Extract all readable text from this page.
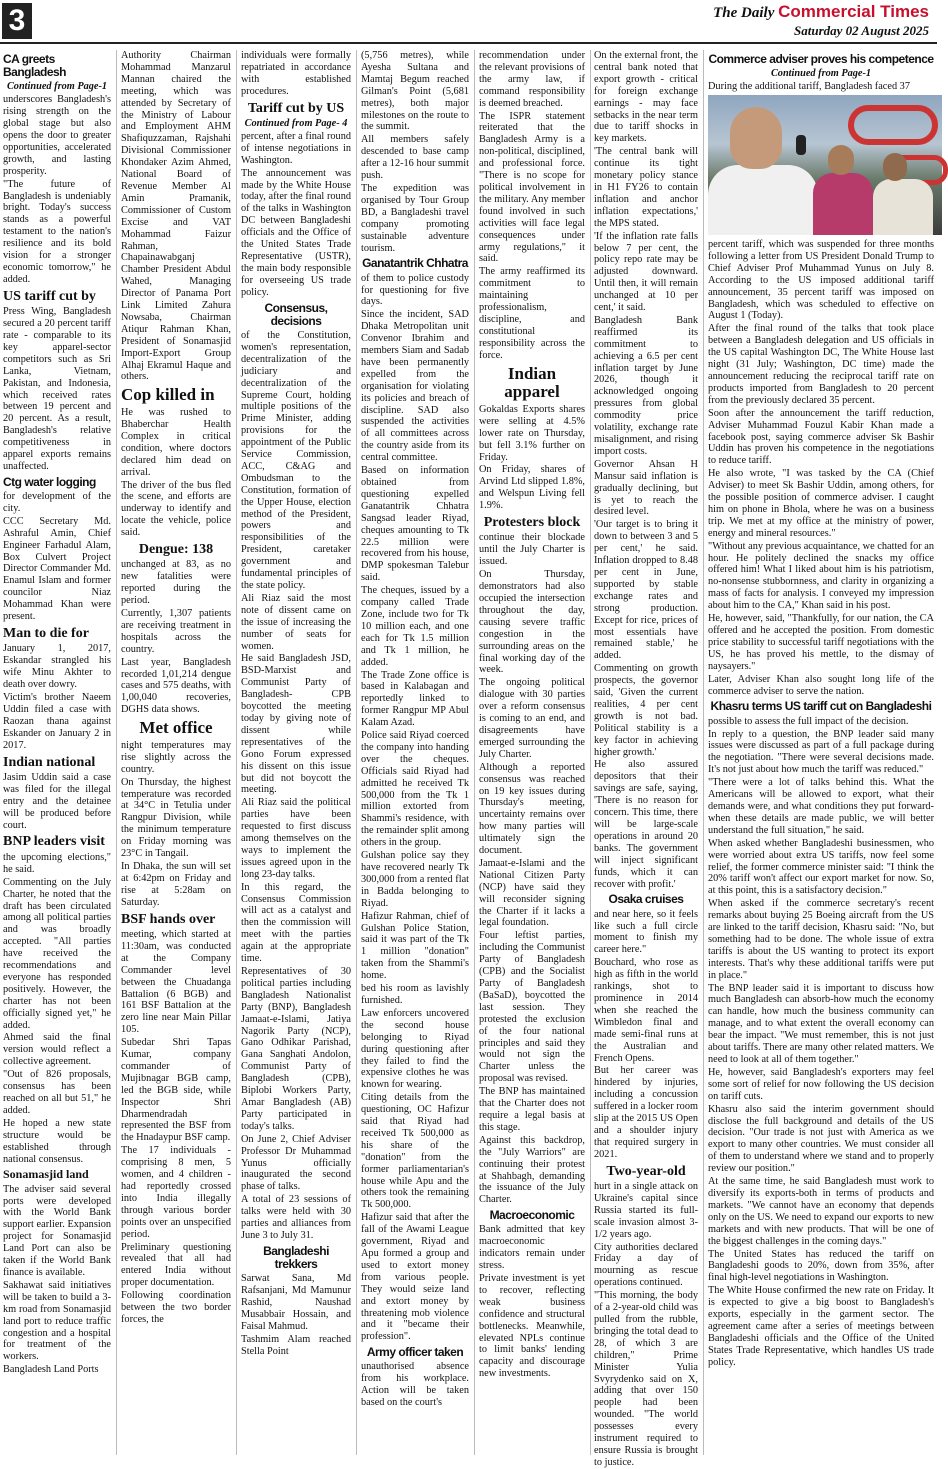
3	The Daily Commercial Times
Saturday 02 August 2025
CA greets Bangladesh
Continued from Page-1

underscores Bangladesh's rising strength on the global stage but also opens the door to greater opportunities, accelerated growth, and lasting prosperity.

"The future of Bangladesh is undeniably bright. Today's success stands as a powerful testament to the nation's resilience and its bold vision for a stronger economic tomorrow," he added.

US tariff cut by

Press Wing, Bangladesh secured a 20 percent tariff rate - comparable to its key apparel-sector competitors such as Sri Lanka, Vietnam, Pakistan, and Indonesia, which received rates between 19 percent and 20 percent. As a result, Bangladesh's relative competitiveness in apparel exports remains unaffected.

Ctg water logging

for development of the city.

CCC Secretary Md. Ashraful Amin, Chief Engineer Farhadul Alam, Box Culvert Project Director Commander Md. Enamul Islam and former councilor Niaz Mohammad Khan were present.

Man to die for

January 1, 2017, Eskandar strangled his wife Minu Akhter to death over dowry.

Victim's brother Naeem Uddin filed a case with Raozan thana against Eskander on January 2 in 2017.

Indian national

Jasim Uddin said a case was filed for the illegal entry and the detainee will be produced before court.

BNP leaders visit

the upcoming elections," he said.

Commenting on the July Charter, he noted that the draft has been circulated among all political parties and was broadly accepted. "All parties have received the recommendations and everyone has responded positively. However, the charter has not been officially signed yet," he added.

Ahmed said the final version would reflect a collective agreement.

"Out of 826 proposals, consensus has been reached on all but 51," he added.

He hoped a new state structure would be established through national consensus.

Sonamasjid land

The adviser said several ports were developed with the World Bank support earlier. Expansion project for Sonamasjid Land Port can also be taken if the World Bank finance is available.

Sakhawat said initiatives will be taken to build a 3-km road from Sonamasjid land port to reduce traffic congestion and a hospital for treatment of the workers.

Bangladesh Land Ports

Authority Chairman Mohammad Manzarul Mannan chaired the meeting, which was attended by Secretary of the Ministry of Labour and Employment AHM Shafiquzzaman, Rajshahi Divisional Commissioner Khondaker Azim Ahmed, National Board of Revenue Member Al Amin Pramanik, Commissioner of Custom Excise and VAT Mohammad Faizur Rahman, Chapainawabganj Chamber President Abdul Wahed, Managing Director of Panama Port Link Limited Zahura Nowsaba, Chairman Atiqur Rahman Khan, President of Sonamasjid Import-Export Group Alhaj Ekramul Haque and others.

Cop killed in

He was rushed to Bhaberchar Health Complex in critical condition, where doctors declared him dead on arrival.

The driver of the bus fled the scene, and efforts are underway to identify and locate the vehicle, police said.

Dengue: 138

unchanged at 83, as no new fatalities were reported during the period.

Currently, 1,307 patients are receiving treatment in hospitals across the country.

Last year, Bangladesh recorded 1,01,214 dengue cases and 575 deaths, with 1,00,040 recoveries, DGHS data shows.

Met office

night temperatures may rise slightly across the country.

On Thursday, the highest temperature was recorded at 34°C in Tetulia under Rangpur Division, while the minimum temperature on Friday morning was 23°C in Tangail.

In Dhaka, the sun will set at 6:42pm on Friday and rise at 5:28am on Saturday.

BSF hands over

meeting, which started at 11:30am, was conducted at the Company Commander level between the Chuadanga Battalion (6 BGB) and 161 BSF Battalion at the zero line near Main Pillar 105.

Subedar Shri Tapas Kumar, company commander of Mujibnagar BGB camp, led the BGB side, while Inspector Shri Dharmendradah represented the BSF from the Hnadaypur BSF camp.

The 17 individuals - comprising 8 men, 5 women, and 4 children - had reportedly crossed into India illegally through various border points over an unspecified period.

Preliminary questioning revealed that all had entered India without proper documentation.

Following coordination between the two border forces, the

individuals were formally repatriated in accordance with established procedures.

Tariff cut by US
Continued from Page- 4

percent, after a final round of intense negotiations in Washington.

The announcement was made by the White House today, after the final round of the talks in Washington DC between Bangladeshi officials and the Office of the United States Trade Representative (USTR), the main body responsible for overseeing US trade policy.

Consensus, decisions

of the Constitution, women's representation, decentralization of the judiciary and decentralization of the Supreme Court, holding multiple positions of the Prime Minister, adding provisions for the appointment of the Public Service Commission, ACC, C&AG and Ombudsman to the Constitution, formation of the Upper House, election method of the President, powers and responsibilities of the President, caretaker government and fundamental principles of the state policy.

Ali Riaz said the most note of dissent came on the issue of increasing the number of seats for women.

He said Bangladesh JSD, BSD-Marxist and Communist Party of Bangladesh- CPB boycotted the meeting today by giving note of dissent while representatives of the Gono Forum expressed his dissent on this issue but did not boycott the meeting.

Ali Riaz said the political parties have been requested to first discuss among themselves on the ways to implement the issues agreed upon in the long 23-day talks.

In this regard, the Consensus Commission will act as a catalyst and then the commission will meet with the parties again at the appropriate time.

Representatives of 30 political parties including Bangladesh Nationalist Party (BNP), Bangladesh Jamaat-e-Islami, Jatiya Nagorik Party (NCP), Gano Odhikar Parishad, Gana Sanghati Andolon, Communist Party of Bangladesh (CPB), Biplobi Workers Party, Amar Bangladesh (AB) Party participated in today's talks.

On June 2, Chief Adviser Professor Dr Muhammad Yunus officially inaugurated the second phase of talks.

A total of 23 sessions of talks were held with 30 parties and alliances from June 3 to July 31.

Bangladeshi trekkers

Sarwat Sana, Md Rafsanjani, Md Mamunur Rashid, Naushad Musabbair Hossain, and Faisal Mahmud.

Tashmim Alam reached Stella Point

(5,756 metres), while Ayesha Sultana and Mamtaj Begum reached Gilman's Point (5,681 metres), both major milestones on the route to the summit.

All members safely descended to base camp after a 12-16 hour summit push.

The expedition was organised by Tour Group BD, a Bangladeshi travel company promoting sustainable adventure tourism.

Ganatantrik Chhatra

of them to police custody for questioning for five days.

Since the incident, SAD Dhaka Metropolitan unit Convenor Ibrahim and members Siam and Sadab have been permanently expelled from the organisation for violating its policies and breach of discipline. SAD also suspended the activities of all committees across the country aside from its central committee.

Based on information obtained from questioning expelled Ganatantrik Chhatra Sangsad leader Riyad, cheques amounting to Tk 22.5 million were recovered from his house, DMP spokesman Talebur said.

The cheques, issued by a company called Trade Zone, include two for Tk 10 million each, and one each for Tk 1.5 million and Tk 1 million, he added.

The Trade Zone office is based in Kalabagan and reportedly linked to former Rangpur MP Abul Kalam Azad.

Police said Riyad coerced the company into handing over the cheques. Officials said Riyad had admitted he received Tk 500,000 from the Tk 1 million extorted from Shammi's residence, with the remainder split among others in the group.

Gulshan police say they have recovered nearly Tk 300,000 from a rented flat in Badda belonging to Riyad.

Hafizur Rahman, chief of Gulshan Police Station, said it was part of the Tk 1 million "donation" taken from the Shammi's home.

bed his room as lavishly furnished.

Law enforcers uncovered the second house belonging to Riyad during questioning after they failed to find the expensive clothes he was known for wearing.

Citing details from the questioning, OC Hafizur said that Riyad had received Tk 500,000 as his share of the "donation" from the former parliamentarian's house while Apu and the others took the remaining Tk 500,000.

Hafizur said that after the fall of the Awami League government, Riyad and Apu formed a group and used to extort money from various people. They would seize land and extort money by threatening mob violence and it "became their profession".

Army officer taken

unauthorised absence from his workplace. Action will be taken based on the court's

recommendation under the relevant provisions of the army law, if command responsibility is deemed breached.

The ISPR statement reiterated that the Bangladesh Army is a non-political, disciplined, and professional force. "There is no scope for political involvement in the military. Any member found involved in such activities will face legal consequences under army regulations," it said.

The army reaffirmed its commitment to maintaining professionalism, discipline, and constitutional responsibility across the force.

Indian apparel

Gokaldas Exports shares were selling at 4.5% lower rate on Thursday, but fell 3.1% further on Friday.

On Friday, shares of Arvind Ltd slipped 1.8%, and Welspun Living fell 1.9%.

Protesters block

continue their blockade until the July Charter is issued.

On Thursday, demonstrators had also occupied the intersection throughout the day, causing severe traffic congestion in the surrounding areas on the final working day of the week.

The ongoing political dialogue with 30 parties over a reform consensus is coming to an end, and disagreements have emerged surrounding the July Charter.

Although a reported consensus was reached on 19 key issues during Thursday's meeting, uncertainty remains over how many parties will ultimately sign the document.

Jamaat-e-Islami and the National Citizen Party (NCP) have said they will reconsider signing the Charter if it lacks a legal foundation.

Four leftist parties, including the Communist Party of Bangladesh (CPB) and the Socialist Party of Bangladesh (BaSaD), boycotted the last session. They protested the exclusion of the four national principles and said they would not sign the Charter unless the proposal was revised.

The BNP has maintained that the Charter does not require a legal basis at this stage.

Against this backdrop, the "July Warriors" are continuing their protest at Shahbagh, demanding the issuance of the July Charter.

Macroeconomic

Bank admitted that key macroeconomic indicators remain under stress.

Private investment is yet to recover, reflecting weak business confidence and structural bottlenecks. Meanwhile, elevated NPLs continue to limit banks' lending capacity and discourage new investments.

On the external front, the central bank noted that export growth - critical for foreign exchange earnings - may face setbacks in the near term due to tariff shocks in key markets.

'The central bank will continue its tight monetary policy stance in H1 FY26 to contain inflation and anchor inflation expectations,' the MPS stated.

'If the inflation rate falls below 7 per cent, the policy repo rate may be adjusted downward. Until then, it will remain unchanged at 10 per cent,' it said.

Bangladesh Bank reaffirmed its commitment to achieving a 6.5 per cent inflation target by June 2026, though it acknowledged ongoing pressures from global commodity price volatility, exchange rate misalignment, and rising import costs.

Governor Ahsan H Mansur said inflation is gradually declining, but is yet to reach the desired level.

'Our target is to bring it down to between 3 and 5 per cent,' he said. Inflation dropped to 8.48 per cent in June, supported by stable exchange rates and strong production. Except for rice, prices of most essentials have remained stable,' he added.

Commenting on growth prospects, the governor said, 'Given the current realities, 4 per cent growth is not bad. Political stability is a key factor in achieving higher growth.'

He also assured depositors that their savings are safe, saying, 'There is no reason for concern. This time, there will be large-scale operations in around 20 banks. The government will inject significant funds, which it can recover with profit.'

Osaka cruises

and near here, so it feels like such a full circle moment to finish my career here."

Bouchard, who rose as high as fifth in the world rankings, shot to prominence in 2014 when she reached the Wimbledon final and made semi-final runs at the Australian and French Opens.

But her career was hindered by injuries, including a concussion suffered in a locker room slip at the 2015 US Open and a shoulder injury that required surgery in 2021.

Two-year-old

hurt in a single attack on Ukraine's capital since Russia started its full-scale invasion almost 3-1/2 years ago.

City authorities declared Friday a day of mourning as rescue operations continued.

"This morning, the body of a 2-year-old child was pulled from the rubble, bringing the total dead to 28, of which 3 are children," Prime Minister Yulia Svyrydenko said on X, adding that over 150 people had been wounded. "The world possesses every instrument required to ensure Russia is brought to justice.

Commerce adviser proves his competence
Continued from Page-1

During the additional tariff, Bangladesh faced 37

percent tariff, which was suspended for three months following a letter from US President Donald Trump to Chief Adviser Prof Muhammad Yunus on July 8. According to the US imposed additional tariff announcement, 35 percent tariff was imposed on Bangladesh, which was scheduled to effective on August 1 (Today).

After the final round of the talks that took place between a Bangladesh delegation and US officials in the US capital Washington DC, The White House last night (31 July; Washington, DC time) made the announcement reducing the reciprocal tariff rate on products imported from Bangladesh to 20 percent from the previously declared 35 percent.

Soon after the announcement the tariff reduction, Adviser Muhammad Fouzul Kabir Khan made a facebook post, saying commerce adviser Sk Bashir Uddin has proven his competence in the negotiations to reduce tariff.

He also wrote, "I was tasked by the CA (Chief Adviser) to meet Sk Bashir Uddin, among others, for the possible position of commerce adviser. I caught him on phone in Bhola, where he was on a business trip. We met at my office at the ministry of power, energy and mineral resources."

"Without any previous acquaintance, we chatted for an hour. He politely declined the snacks my office offered him! What I liked about him is his patriotism, no-nonsense stubbornness, and clarity in organizing a mass of facts for analysis. I conveyed my impression about him to the CA," Khan said in his post.

He, however, said, "Thankfully, for our nation, the CA offered and he accepted the position. From domestic price stability to successful tariff negotiations with the US, he has proved his mettle, to the dismay of naysayers."

Later, Adviser Khan also sought long life of the commerce adviser to serve the nation.

Khasru terms US tariff cut on Bangladeshi

possible to assess the full impact of the decision.

In reply to a question, the BNP leader said many issues were discussed as part of a full package during the negotiation. "There were several decisions made. It's not just about how much the tariff was reduced."

"There were a lot of talks behind this. What the Americans will be allowed to export, what their demands were, and what conditions they put forward-when these details are made public, we will better understand the full situation," he said.

When asked whether Bangladeshi businessmen, who were worried about extra US tariffs, now feel some relief, the former commerce minister said: "I think the 20% tariff won't affect our export market for now. So, at this point, this is a satisfactory decision."

When asked if the commerce secretary's recent remarks about buying 25 Boeing aircraft from the US are linked to the tariff decision, Khasru said: "No, but something had to be done. The whole issue of extra tariffs is about the US wanting to protect its export interests. That's why these additional tariffs were put in place."

The BNP leader said it is important to discuss how much Bangladesh can absorb-how much the economy can handle, how much the business community can manage, and to what extent the overall economy can bear the impact. "We must remember, this is not just about tariffs. There are many other related matters. We need to look at all of them together."

He, however, said Bangladesh's exporters may feel some sort of relief for now following the US decision on tariff cuts.

Khasru also said the interim government should disclose the full background and details of the US decision. "Our trade is not just with America as we export to many other countries. We must consider all of them to understand where we stand and to properly review our position."

At the same time, he said Bangladesh must work to diversify its exports-both in terms of products and markets. "We cannot have an economy that depends only on the US. We need to expand our exports to new markets and with new products. That will be one of the biggest challenges in the coming days."

The United States has reduced the tariff on Bangladeshi goods to 20%, down from 35%, after final high-level negotiations in Washington.

The White House confirmed the new rate on Friday. It is expected to give a big boost to Bangladesh's exports, especially in the garment sector. The agreement came after a series of meetings between Bangladeshi officials and the Office of the United States Trade Representative, which handles US trade policy.
